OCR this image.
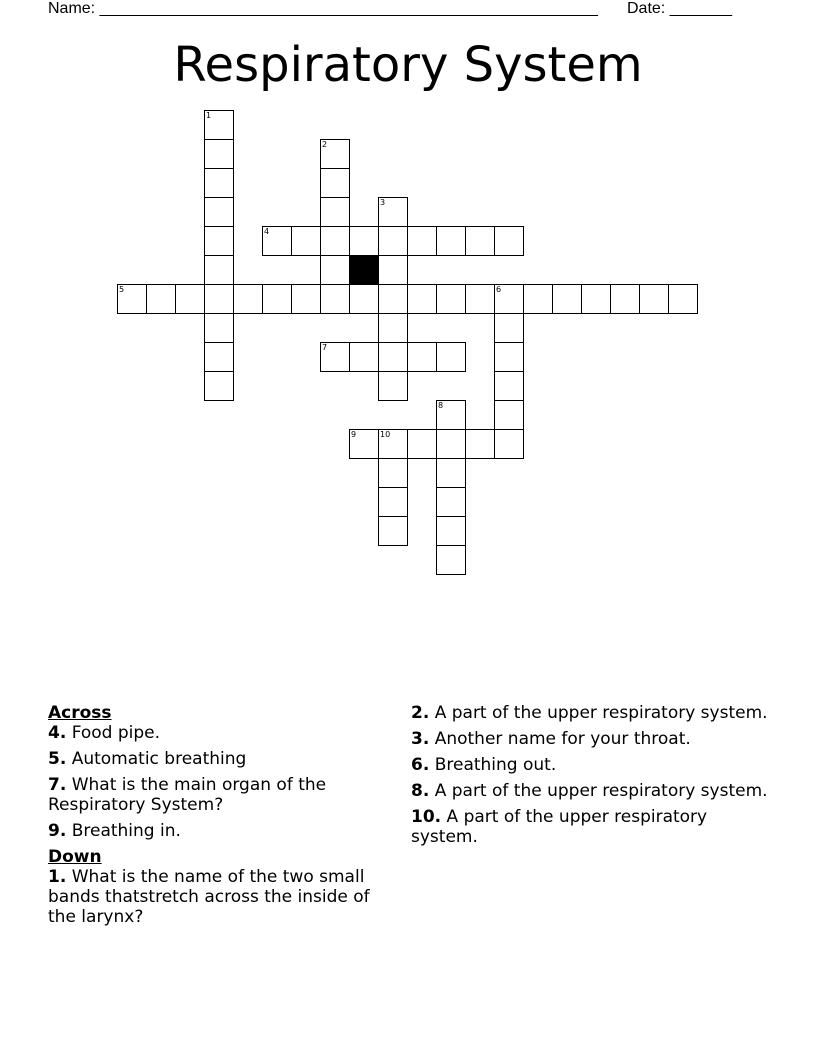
Name: ________________________________________________________ Date: _______
Respiratory System
1
2
3
4
5	6
7
8
9	10
Across
4. Food pipe.
5. Automatic breathing
7. What is the main organ of the Respiratory System?
9. Breathing in.
Down
1. What is the name of the two small bands thatstretch across the inside of the larynx?
2. A part of the upper respiratory system.
3. Another name for your throat.
6. Breathing out.
8. A part of the upper respiratory system.
10. A part of the upper respiratory system.
